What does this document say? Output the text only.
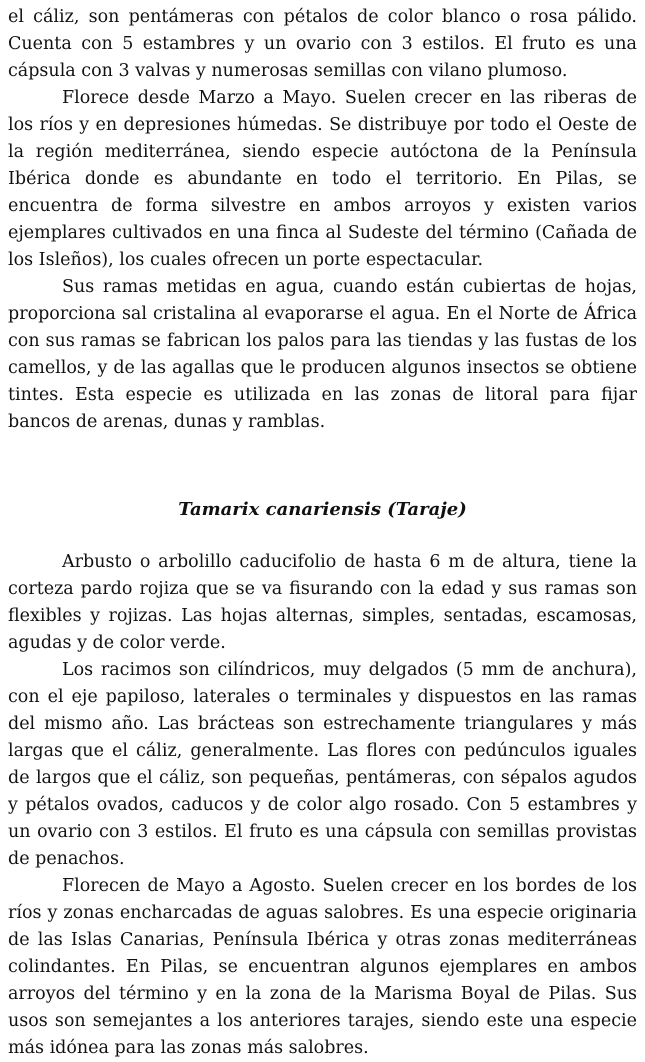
el cáliz, son pentámeras con pétalos de color blanco o rosa pálido. Cuenta con 5 estambres y un ovario con 3 estilos. El fruto es una cápsula con 3 valvas y numerosas semillas con vilano plumoso.

Florece desde Marzo a Mayo. Suelen crecer en las riberas de los ríos y en depresiones húmedas. Se distribuye por todo el Oeste de la región mediterránea, siendo especie autóctona de la Península Ibérica donde es abundante en todo el territorio. En Pilas, se encuentra de forma silvestre en ambos arroyos y existen varios ejemplares cultivados en una finca al Sudeste del término (Cañada de los Isleños), los cuales ofrecen un porte espectacular.

Sus ramas metidas en agua, cuando están cubiertas de hojas, proporciona sal cristalina al evaporarse el agua. En el Norte de África con sus ramas se fabrican los palos para las tiendas y las fustas de los camellos, y de las agallas que le producen algunos insectos se obtiene tintes. Esta especie es utilizada en las zonas de litoral para fijar bancos de arenas, dunas y ramblas.

Tamarix canariensis (Taraje)

Arbusto o arbolillo caducifolio de hasta 6 m de altura, tiene la corteza pardo rojiza que se va fisurando con la edad y sus ramas son flexibles y rojizas. Las hojas alternas, simples, sentadas, escamosas, agudas y de color verde.

Los racimos son cilíndricos, muy delgados (5 mm de anchura), con el eje papiloso, laterales o terminales y dispuestos en las ramas del mismo año. Las brácteas son estrechamente triangulares y más largas que el cáliz, generalmente. Las flores con pedúnculos iguales de largos que el cáliz, son pequeñas, pentámeras, con sépalos agudos y pétalos ovados, caducos y de color algo rosado. Con 5 estambres y un ovario con 3 estilos. El fruto es una cápsula con semillas provistas de penachos.

Florecen de Mayo a Agosto. Suelen crecer en los bordes de los ríos y zonas encharcadas de aguas salobres. Es una especie originaria de las Islas Canarias, Península Ibérica y otras zonas mediterráneas colindantes. En Pilas, se encuentran algunos ejemplares en ambos arroyos del término y en la zona de la Marisma Boyal de Pilas. Sus usos son semejantes a los anteriores tarajes, siendo este una especie más idónea para las zonas más salobres.
